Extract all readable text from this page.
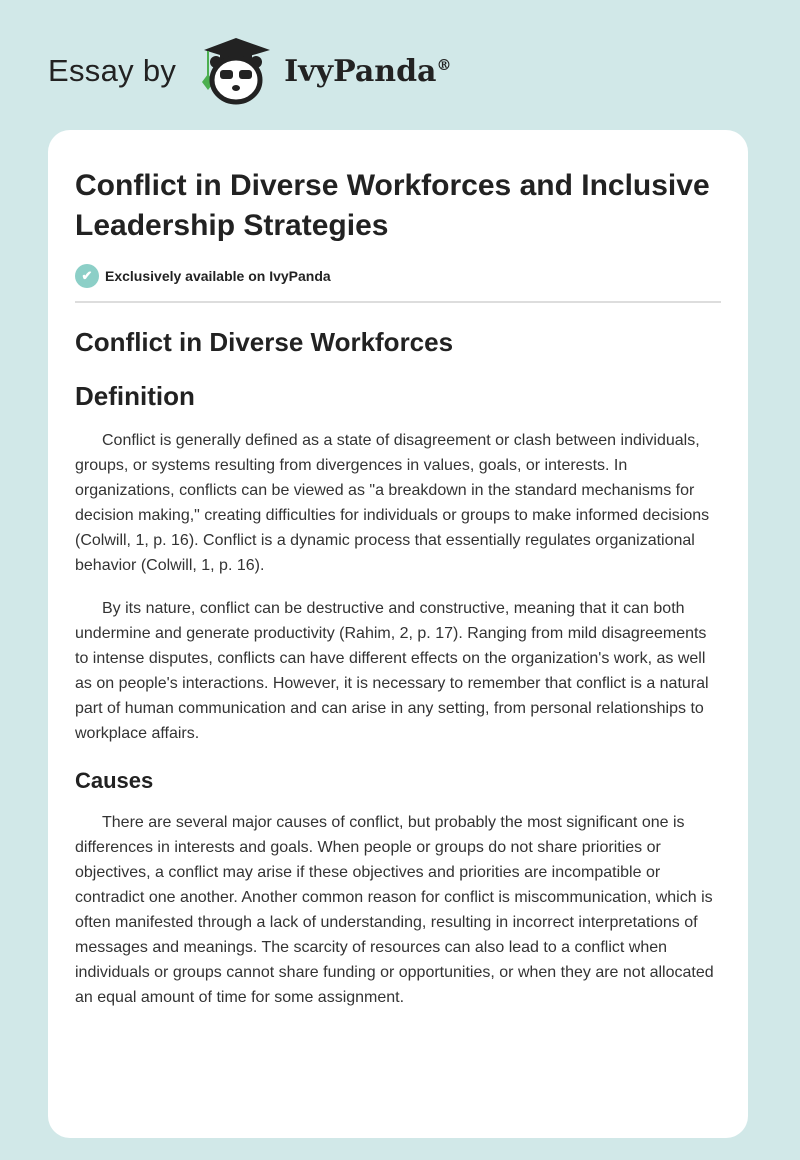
Essay by	IvyPanda®
Conflict in Diverse Workforces and Inclusive Leadership Strategies
✔ Exclusively available on IvyPanda
Conflict in Diverse Workforces
Definition

Conflict is generally defined as a state of disagreement or clash between individuals, groups, or systems resulting from divergences in values, goals, or interests. In organizations, conflicts can be viewed as "a breakdown in the standard mechanisms for decision making," creating difficulties for individuals or groups to make informed decisions (Colwill, 1, p. 16). Conflict is a dynamic process that essentially regulates organizational behavior (Colwill, 1, p. 16).

By its nature, conflict can be destructive and constructive, meaning that it can both undermine and generate productivity (Rahim, 2, p. 17). Ranging from mild disagreements to intense disputes, conflicts can have different effects on the organization's work, as well as on people's interactions. However, it is necessary to remember that conflict is a natural part of human communication and can arise in any setting, from personal relationships to workplace affairs.

Causes

There are several major causes of conflict, but probably the most significant one is differences in interests and goals. When people or groups do not share priorities or objectives, a conflict may arise if these objectives and priorities are incompatible or contradict one another. Another common reason for conflict is miscommunication, which is often manifested through a lack of understanding, resulting in incorrect interpretations of messages and meanings. The scarcity of resources can also lead to a conflict when individuals or groups cannot share funding or opportunities, or when they are not allocated an equal amount of time for some assignment.
